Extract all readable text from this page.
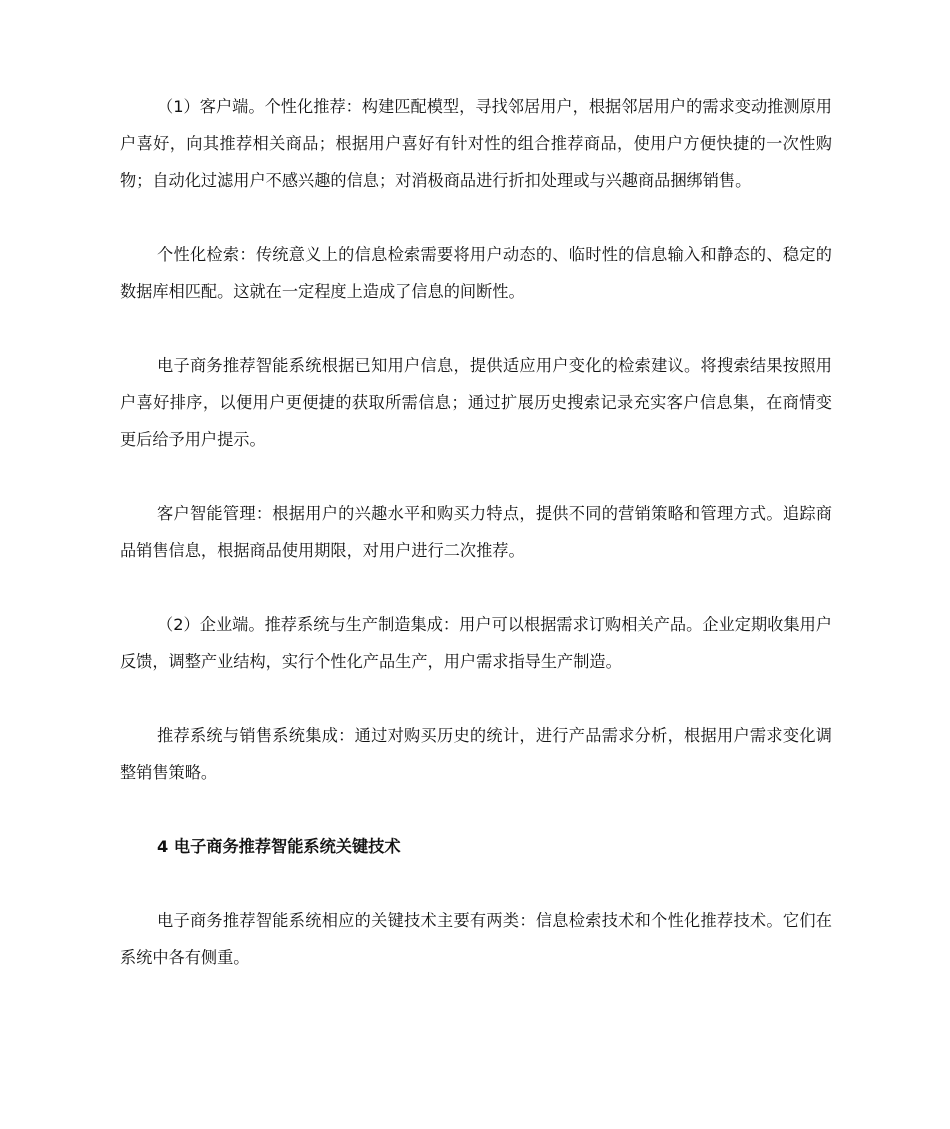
（1）客户端。个性化推荐：构建匹配模型，寻找邻居用户，根据邻居用户的需求变动推测原用户喜好，向其推荐相关商品；根据用户喜好有针对性的组合推荐商品，使用户方便快捷的一次性购物；自动化过滤用户不感兴趣的信息；对消极商品进行折扣处理或与兴趣商品捆绑销售。

个性化检索：传统意义上的信息检索需要将用户动态的、临时性的信息输入和静态的、稳定的数据库相匹配。这就在一定程度上造成了信息的间断性。

电子商务推荐智能系统根据已知用户信息，提供适应用户变化的检索建议。将搜索结果按照用户喜好排序，以便用户更便捷的获取所需信息；通过扩展历史搜索记录充实客户信息集，在商情变更后给予用户提示。

客户智能管理：根据用户的兴趣水平和购买力特点，提供不同的营销策略和管理方式。追踪商品销售信息，根据商品使用期限，对用户进行二次推荐。

（2）企业端。推荐系统与生产制造集成：用户可以根据需求订购相关产品。企业定期收集用户反馈，调整产业结构，实行个性化产品生产，用户需求指导生产制造。

推荐系统与销售系统集成：通过对购买历史的统计，进行产品需求分析，根据用户需求变化调整销售策略。

4 电子商务推荐智能系统关键技术

电子商务推荐智能系统相应的关键技术主要有两类：信息检索技术和个性化推荐技术。它们在系统中各有侧重。
